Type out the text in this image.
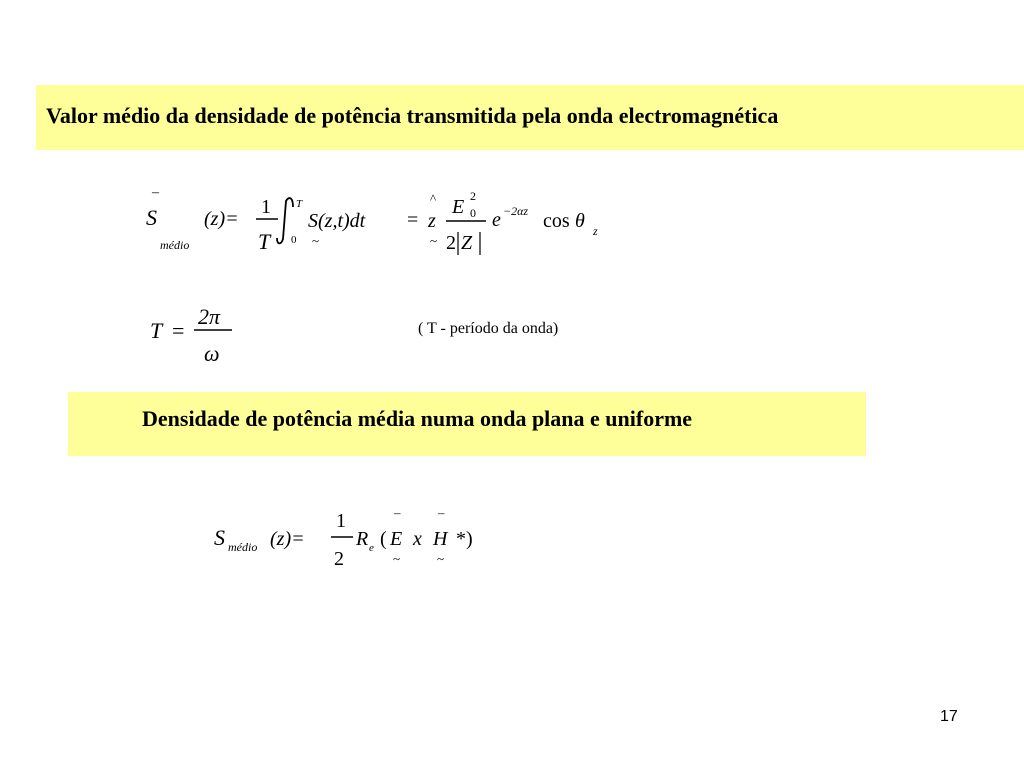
Valor médio da densidade de potência transmitida pela onda electromagnética
–
S
médio
(z)=
1
T
T
0
S(z,t)dt
~
=
^
z
~
E 2
0
2 Z
e −2αz cos θ z
T =
2π
ω
( T - período da onda)
Densidade de potência média numa onda plana e uniforme
S médio (z)=
1
2
R e (
–
E
~
x
–
H
~
*)
17
